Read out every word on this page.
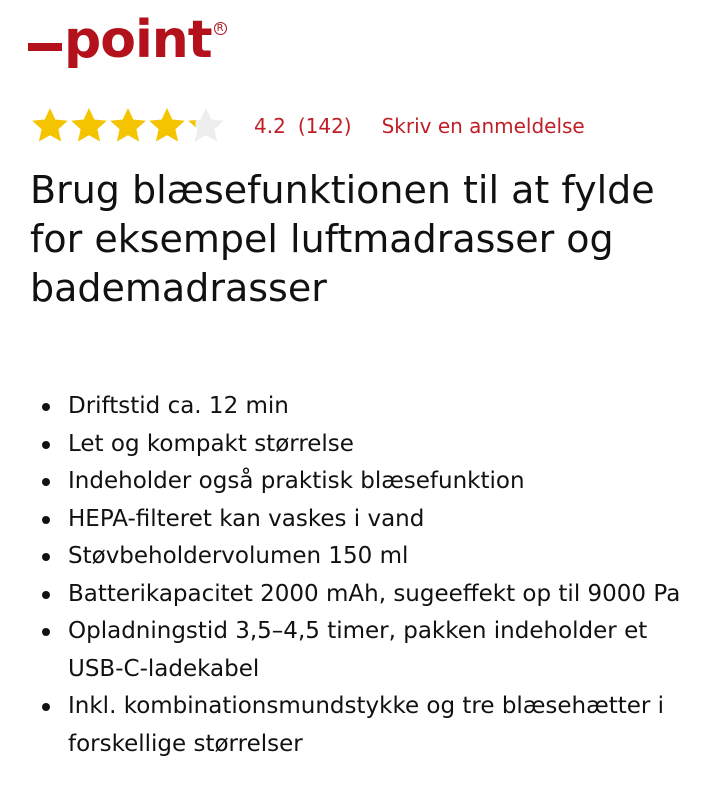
point R
4.2 (142) Skriv en anmeldelse
Brug blæsefunktionen til at fylde for eksempel luftmadrasser og bademadrasser
Driftstid ca. 12 min
Let og kompakt størrelse
Indeholder også praktisk blæsefunktion
HEPA-filteret kan vaskes i vand
Støvbeholdervolumen 150 ml
Batterikapacitet 2000 mAh, sugeeffekt op til 9000 Pa
Opladningstid 3,5–4,5 timer, pakken indeholder et USB-C-ladekabel
Inkl. kombinationsmundstykke og tre blæsehætter i forskellige størrelser
